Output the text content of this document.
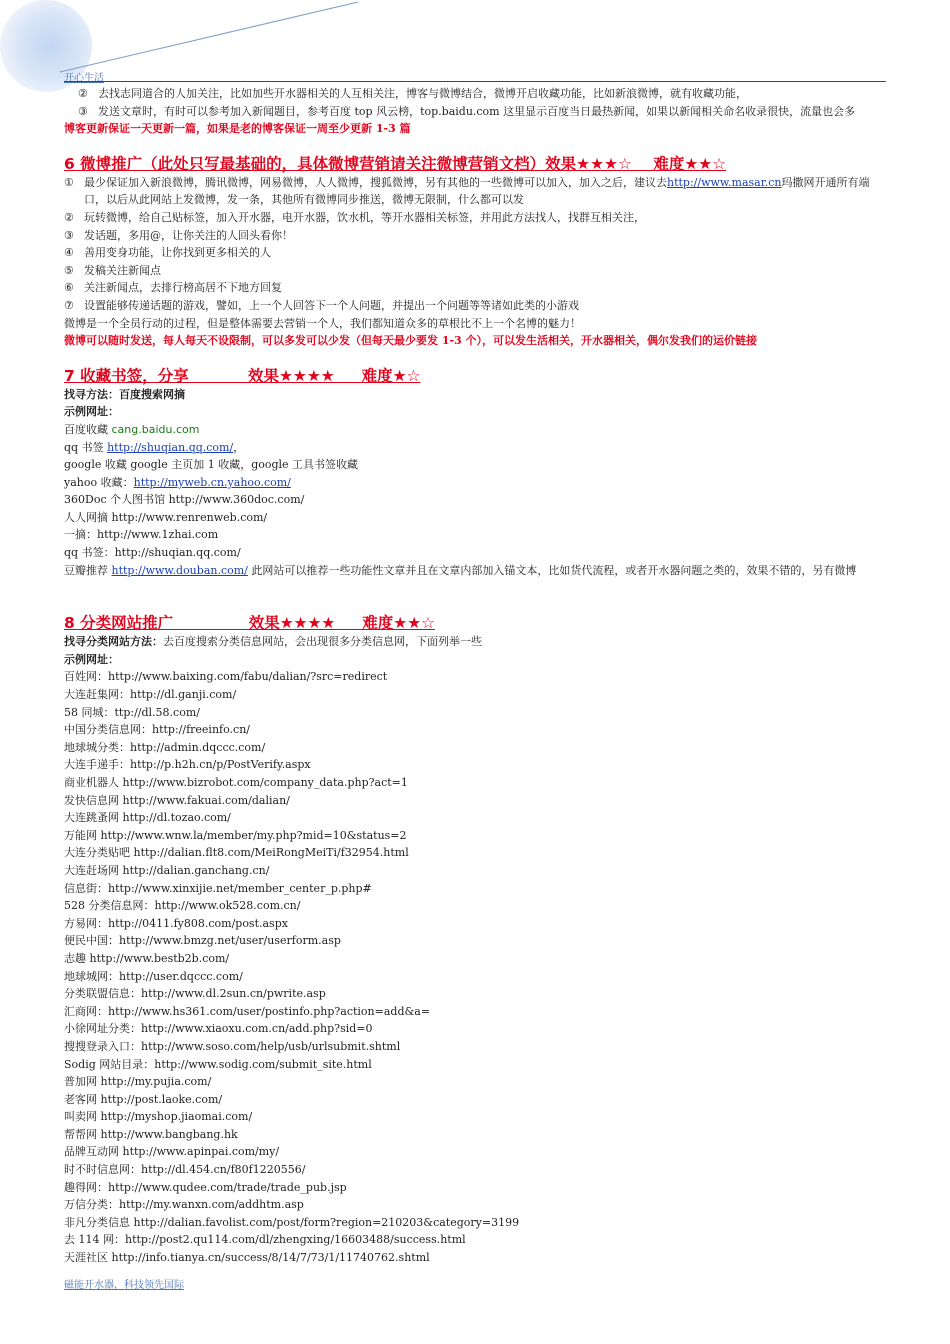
开心生活
② 去找志同道合的人加关注，比如加些开水器相关的人互相关注，博客与微博结合，微博开启收藏功能，比如新浪微博，就有收藏功能，
③ 发送文章时，有时可以参考加入新闻题目，参考百度 top 风云榜，top.baidu.com 这里显示百度当日最热新闻，如果以新闻相关命名收录很快，流量也会多
博客更新保证一天更新一篇，如果是老的博客保证一周至少更新 1-3 篇
6 微博推广（此处只写最基础的，具体微博营销请关注微博营销文档）效果★★★☆    难度★★☆
① 最少保证加入新浪微博，腾讯微博，网易微博，人人微博，搜狐微博，另有其他的一些微博可以加入，加入之后，建议去http://www.masar.cn玛撒网开通所有端
口，以后从此网站上发微博，发一条，其他所有微博同步推送，微博无限制，什么都可以发
② 玩转微博，给自己贴标签，加入开水器，电开水器，饮水机，等开水器相关标签，并用此方法找人，找群互相关注，
③ 发话题，多用@，让你关注的人回头看你！
④ 善用变身功能，让你找到更多相关的人
⑤ 发稿关注新闻点
⑥ 关注新闻点，去排行榜高居不下地方回复
⑦ 设置能够传递话题的游戏，譬如，上一个人回答下一个人问题，并提出一个问题等等诸如此类的小游戏
微博是一个全员行动的过程，但是整体需要去营销一个人，我们都知道众多的草根比不上一个名博的魅力！
微博可以随时发送，每人每天不设限制，可以多发可以少发（但每天最少要发 1-3 个），可以发生活相关，开水器相关，偶尔发我们的运价链接
7 收藏书签，分享           效果★★★★     难度★☆
找寻方法：百度搜索网摘
示例网址：
百度收藏 cang.baidu.com
qq 书签 http://shuqian.qq.com/，
google 收藏 google 主页加 1 收藏，google 工具书签收藏
yahoo 收藏：http://myweb.cn.yahoo.com/
360Doc 个人图书馆 http://www.360doc.com/
人人网摘 http://www.renrenweb.com/
一摘：http://www.1zhai.com
qq 书签：http://shuqian.qq.com/
豆瓣推荐 http://www.douban.com/ 此网站可以推荐一些功能性文章并且在文章内部加入锚文本，比如货代流程，或者开水器问题之类的，效果不错的，另有微博
8 分类网站推广              效果★★★★     难度★★☆
找寻分类网站方法：去百度搜索分类信息网站，会出现很多分类信息网，下面列举一些
示例网址：
百姓网：http://www.baixing.com/fabu/dalian/?src=redirect
大连赶集网：http://dl.ganji.com/
58 同城：ttp://dl.58.com/
中国分类信息网：http://freeinfo.cn/
地球城分类：http://admin.dqccc.com/
大连手递手：http://p.h2h.cn/p/PostVerify.aspx
商业机器人 http://www.bizrobot.com/company_data.php?act=1
发快信息网 http://www.fakuai.com/dalian/
大连跳蚤网 http://dl.tozao.com/
万能网 http://www.wnw.la/member/my.php?mid=10&status=2
大连分类贴吧 http://dalian.flt8.com/MeiRongMeiTi/f32954.html
大连赶场网 http://dalian.ganchang.cn/
信息街：http://www.xinxijie.net/member_center_p.php#
528 分类信息网：http://www.ok528.com.cn/
方易网：http://0411.fy808.com/post.aspx
便民中国：http://www.bmzg.net/user/userform.asp
志趣 http://www.bestb2b.com/
地球城网：http://user.dqccc.com/
分类联盟信息：http://www.dl.2sun.cn/pwrite.asp
汇商网：http://www.hs361.com/user/postinfo.php?action=add&a=
小徐网址分类：http://www.xiaoxu.com.cn/add.php?sid=0
搜搜登录入口：http://www.soso.com/help/usb/urlsubmit.shtml
Sodig 网站目录：http://www.sodig.com/submit_site.html
普加网 http://my.pujia.com/
老客网 http://post.laoke.com/
叫卖网 http://myshop.jiaomai.com/
帮帮网 http://www.bangbang.hk
品牌互动网 http://www.apinpai.com/my/
时不时信息网：http://dl.454.cn/f80f1220556/
趣得网：http://www.qudee.com/trade/trade_pub.jsp
万信分类：http://my.wanxn.com/addhtm.asp
非凡分类信息 http://dalian.favolist.com/post/form?region=210203&category=3199
去 114 网：http://post2.qu114.com/dl/zhengxing/16603488/success.html
天涯社区 http://info.tianya.cn/success/8/14/7/73/1/11740762.shtml
磁能开水器，科技领先国际
